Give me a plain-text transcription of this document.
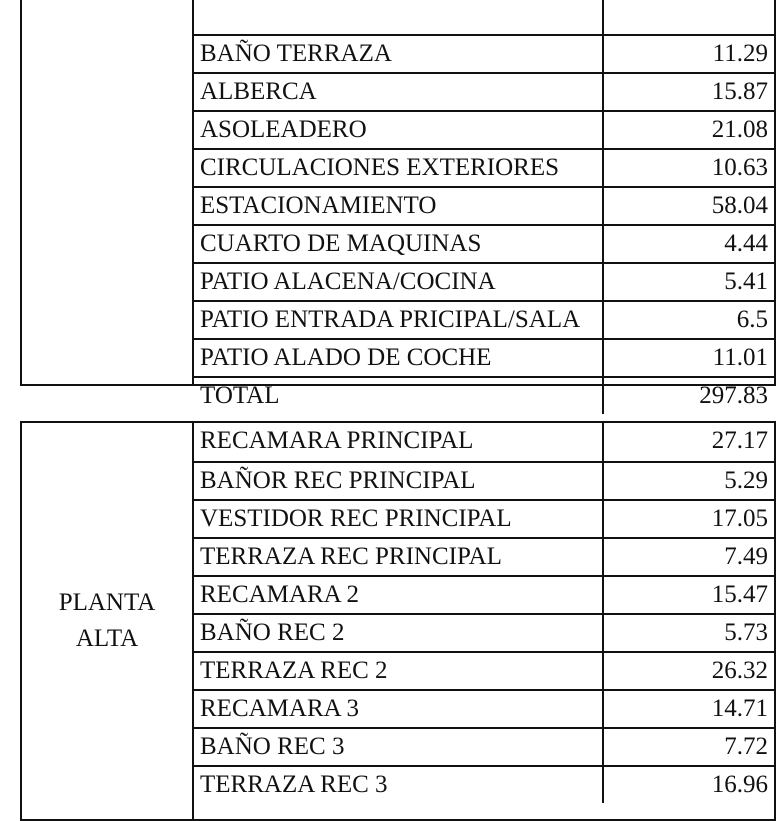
BAÑO TERRAZA	11.29
ALBERCA	15.87
ASOLEADERO	21.08
CIRCULACIONES EXTERIORES	10.63
ESTACIONAMIENTO	58.04
CUARTO DE MAQUINAS	4.44
PATIO ALACENA/COCINA	5.41
PATIO ENTRADA PRICIPAL/SALA	6.5
PATIO ALADO DE COCHE	11.01
TOTAL	297.83
PLANTA
ALTA
RECAMARA PRINCIPAL	27.17
BAÑOR REC PRINCIPAL	5.29
VESTIDOR REC PRINCIPAL	17.05
TERRAZA REC PRINCIPAL	7.49
RECAMARA 2	15.47
BAÑO REC 2	5.73
TERRAZA REC 2	26.32
RECAMARA 3	14.71
BAÑO REC 3	7.72
TERRAZA REC 3	16.96
